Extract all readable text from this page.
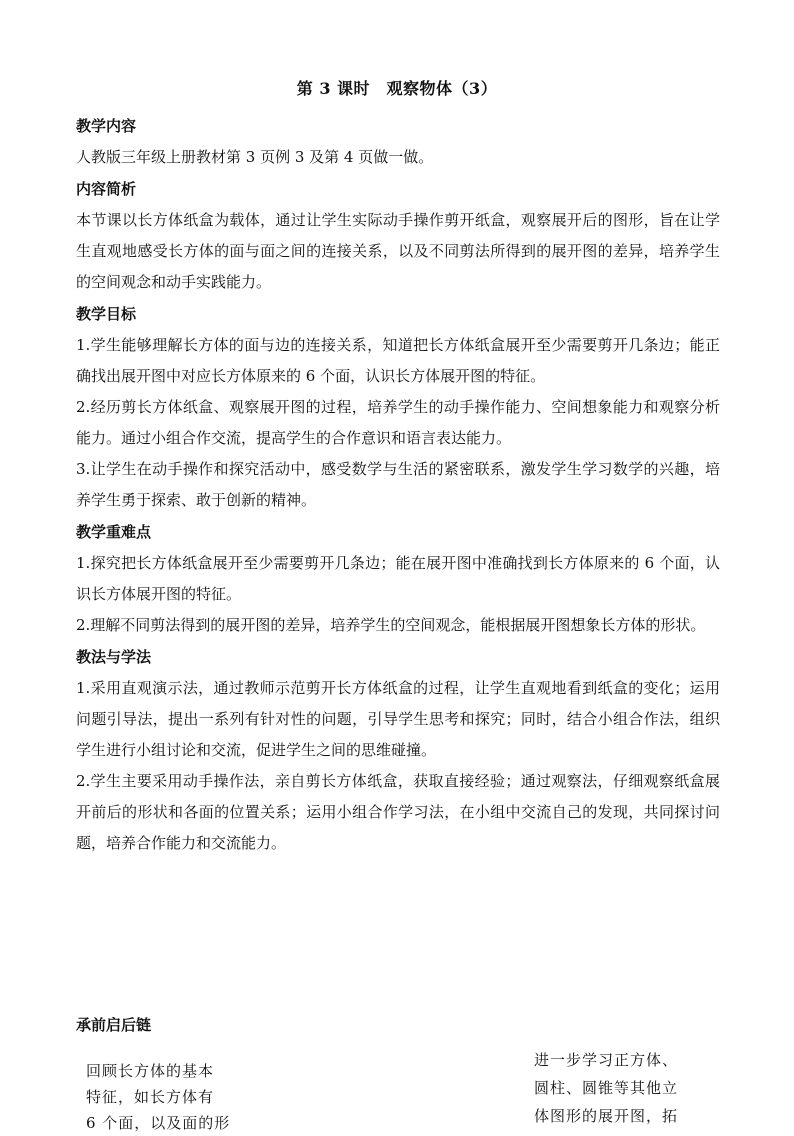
第 3 课时　观察物体（3）

教学内容

人教版三年级上册教材第 3 页例 3 及第 4 页做一做。

内容简析

本节课以长方体纸盒为载体，通过让学生实际动手操作剪开纸盒，观察展开后的图形，旨在让学生直观地感受长方体的面与面之间的连接关系，以及不同剪法所得到的展开图的差异，培养学生的空间观念和动手实践能力。

教学目标

1.学生能够理解长方体的面与边的连接关系，知道把长方体纸盒展开至少需要剪开几条边；能正确找出展开图中对应长方体原来的 6 个面，认识长方体展开图的特征。

2.经历剪长方体纸盒、观察展开图的过程，培养学生的动手操作能力、空间想象能力和观察分析能力。通过小组合作交流，提高学生的合作意识和语言表达能力。

3.让学生在动手操作和探究活动中，感受数学与生活的紧密联系，激发学生学习数学的兴趣，培养学生勇于探索、敢于创新的精神。

教学重难点

1.探究把长方体纸盒展开至少需要剪开几条边；能在展开图中准确找到长方体原来的 6 个面，认识长方体展开图的特征。

2.理解不同剪法得到的展开图的差异，培养学生的空间观念，能根据展开图想象长方体的形状。

教法与学法

1.采用直观演示法，通过教师示范剪开长方体纸盒的过程，让学生直观地看到纸盒的变化；运用问题引导法，提出一系列有针对性的问题，引导学生思考和探究；同时，结合小组合作法，组织学生进行小组讨论和交流，促进学生之间的思维碰撞。

2.学生主要采用动手操作法，亲自剪长方体纸盒，获取直接经验；通过观察法，仔细观察纸盒展开前后的形状和各面的位置关系；运用小组合作学习法，在小组中交流自己的发现，共同探讨问题，培养合作能力和交流能力。

承前启后链
回顾长方体的基本
特征，如长方体有
6 个面，以及面的形
进一步学习正方体、
圆柱、圆锥等其他立
体图形的展开图，拓
